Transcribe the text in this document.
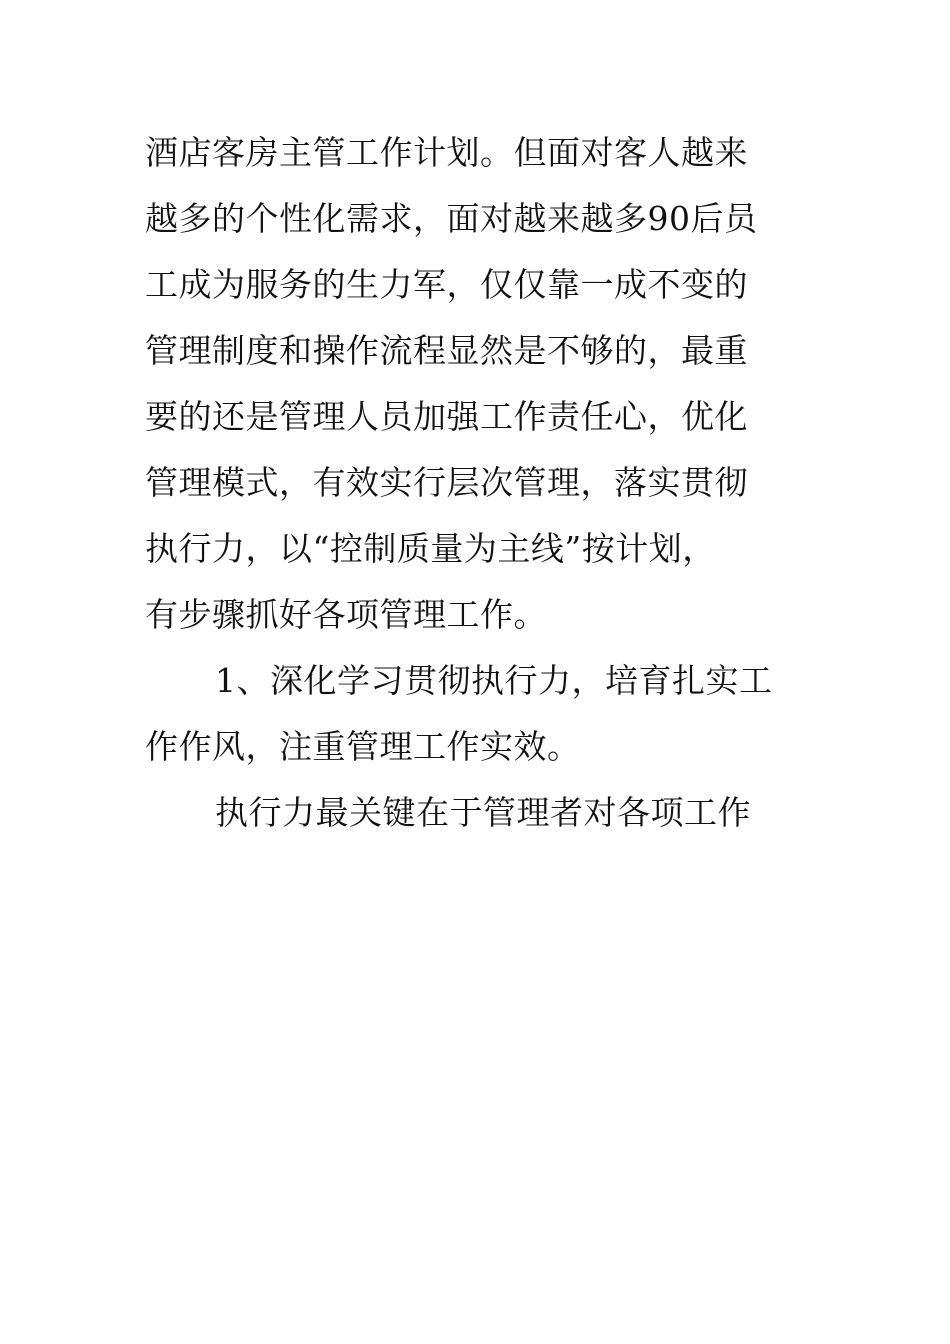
酒店客房主管工作计划。但面对客人越来
越多的个性化需求，面对越来越多90后员
工成为服务的生力军，仅仅靠一成不变的
管理制度和操作流程显然是不够的，最重
要的还是管理人员加强工作责任心，优化
管理模式，有效实行层次管理，落实贯彻
执行力，以“控制质量为主线”按计划，
有步骤抓好各项管理工作。
1、深化学习贯彻执行力，培育扎实工
作作风，注重管理工作实效。
执行力最关键在于管理者对各项工作
